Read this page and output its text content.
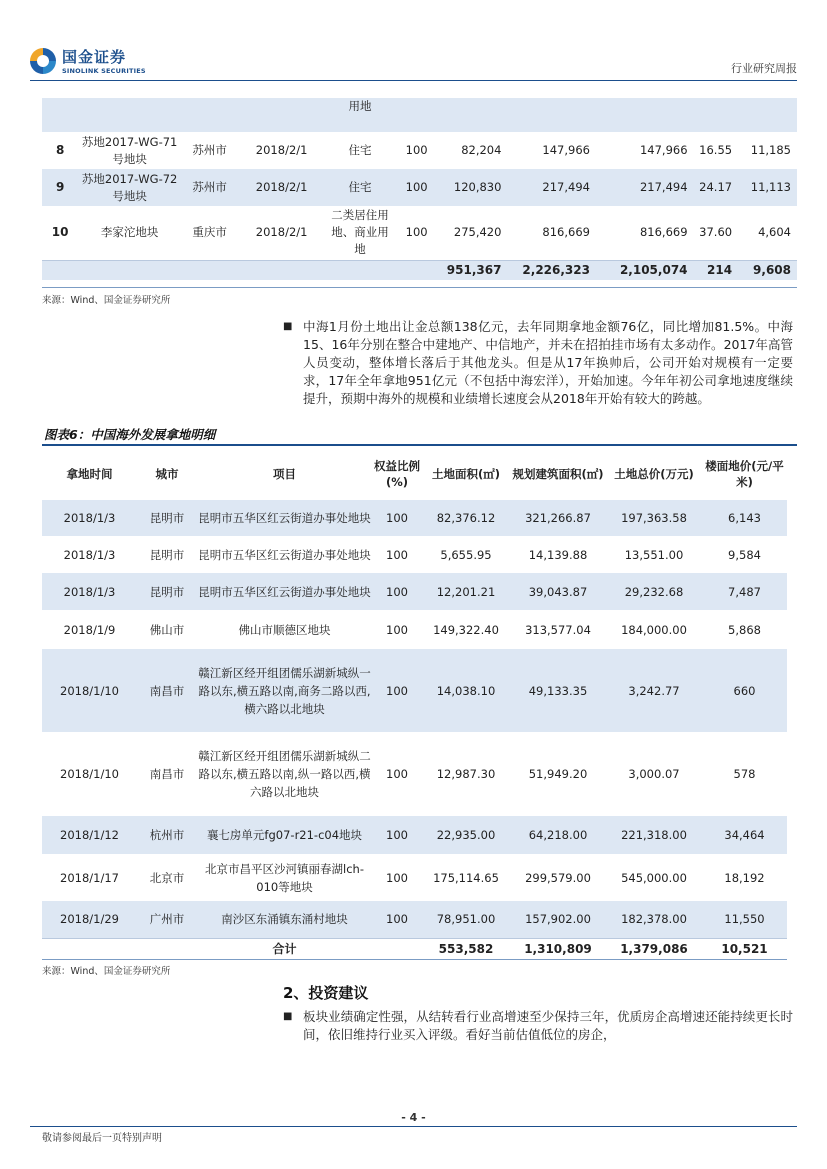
国金证券
SINOLINK SECURITIES	行业研究周报
				用地						
8	苏地2017-WG-71号地块	苏州市	2018/2/1	住宅	100	82,204	147,966	147,966	16.55	11,185
9	苏地2017-WG-72号地块	苏州市	2018/2/1	住宅	100	120,830	217,494	217,494	24.17	11,113
10	李家沱地块	重庆市	2018/2/1	二类居住用地、商业用地	100	275,420	816,669	816,669	37.60	4,604
						951,367	2,226,323	2,105,074	214	9,608
来源：Wind、国金证券研究所
■ 中海1月份土地出让金总额138亿元，去年同期拿地金额76亿，同比增加81.5%。中海15、16年分别在整合中建地产、中信地产，并未在招拍挂市场有太多动作。2017年高管人员变动，整体增长落后于其他龙头。但是从17年换帅后，公司开始对规模有一定要求，17年全年拿地951亿元（不包括中海宏洋），开始加速。今年年初公司拿地速度继续提升，预期中海外的规模和业绩增长速度会从2018年开始有较大的跨越。
图表6：中国海外发展拿地明细
拿地时间	城市	项目	权益比例(%)	土地面积(㎡)	规划建筑面积(㎡)	土地总价(万元)	楼面地价(元/平米)
2018/1/3	昆明市	昆明市五华区红云街道办事处地块	100	82,376.12	321,266.87	197,363.58	6,143
2018/1/3	昆明市	昆明市五华区红云街道办事处地块	100	5,655.95	14,139.88	13,551.00	9,584
2018/1/3	昆明市	昆明市五华区红云街道办事处地块	100	12,201.21	39,043.87	29,232.68	7,487
2018/1/9	佛山市	佛山市顺德区地块	100	149,322.40	313,577.04	184,000.00	5,868
2018/1/10	南昌市	赣江新区经开组团儒乐湖新城纵一路以东,横五路以南,商务二路以西,横六路以北地块	100	14,038.10	49,133.35	3,242.77	660
2018/1/10	南昌市	赣江新区经开组团儒乐湖新城纵二路以东,横五路以南,纵一路以西,横六路以北地块	100	12,987.30	51,949.20	3,000.07	578
2018/1/12	杭州市	襄七房单元fg07-r21-c04地块	100	22,935.00	64,218.00	221,318.00	34,464
2018/1/17	北京市	北京市昌平区沙河镇丽春湖lch-010等地块	100	175,114.65	299,579.00	545,000.00	18,192
2018/1/29	广州市	南沙区东涌镇东涌村地块	100	78,951.00	157,902.00	182,378.00	11,550
		合计		553,582	1,310,809	1,379,086	10,521
来源：Wind、国金证券研究所
2、投资建议
■ 板块业绩确定性强，从结转看行业高增速至少保持三年，优质房企高增速还能持续更长时间，依旧维持行业买入评级。看好当前估值低位的房企，
- 4 -
敬请参阅最后一页特别声明
